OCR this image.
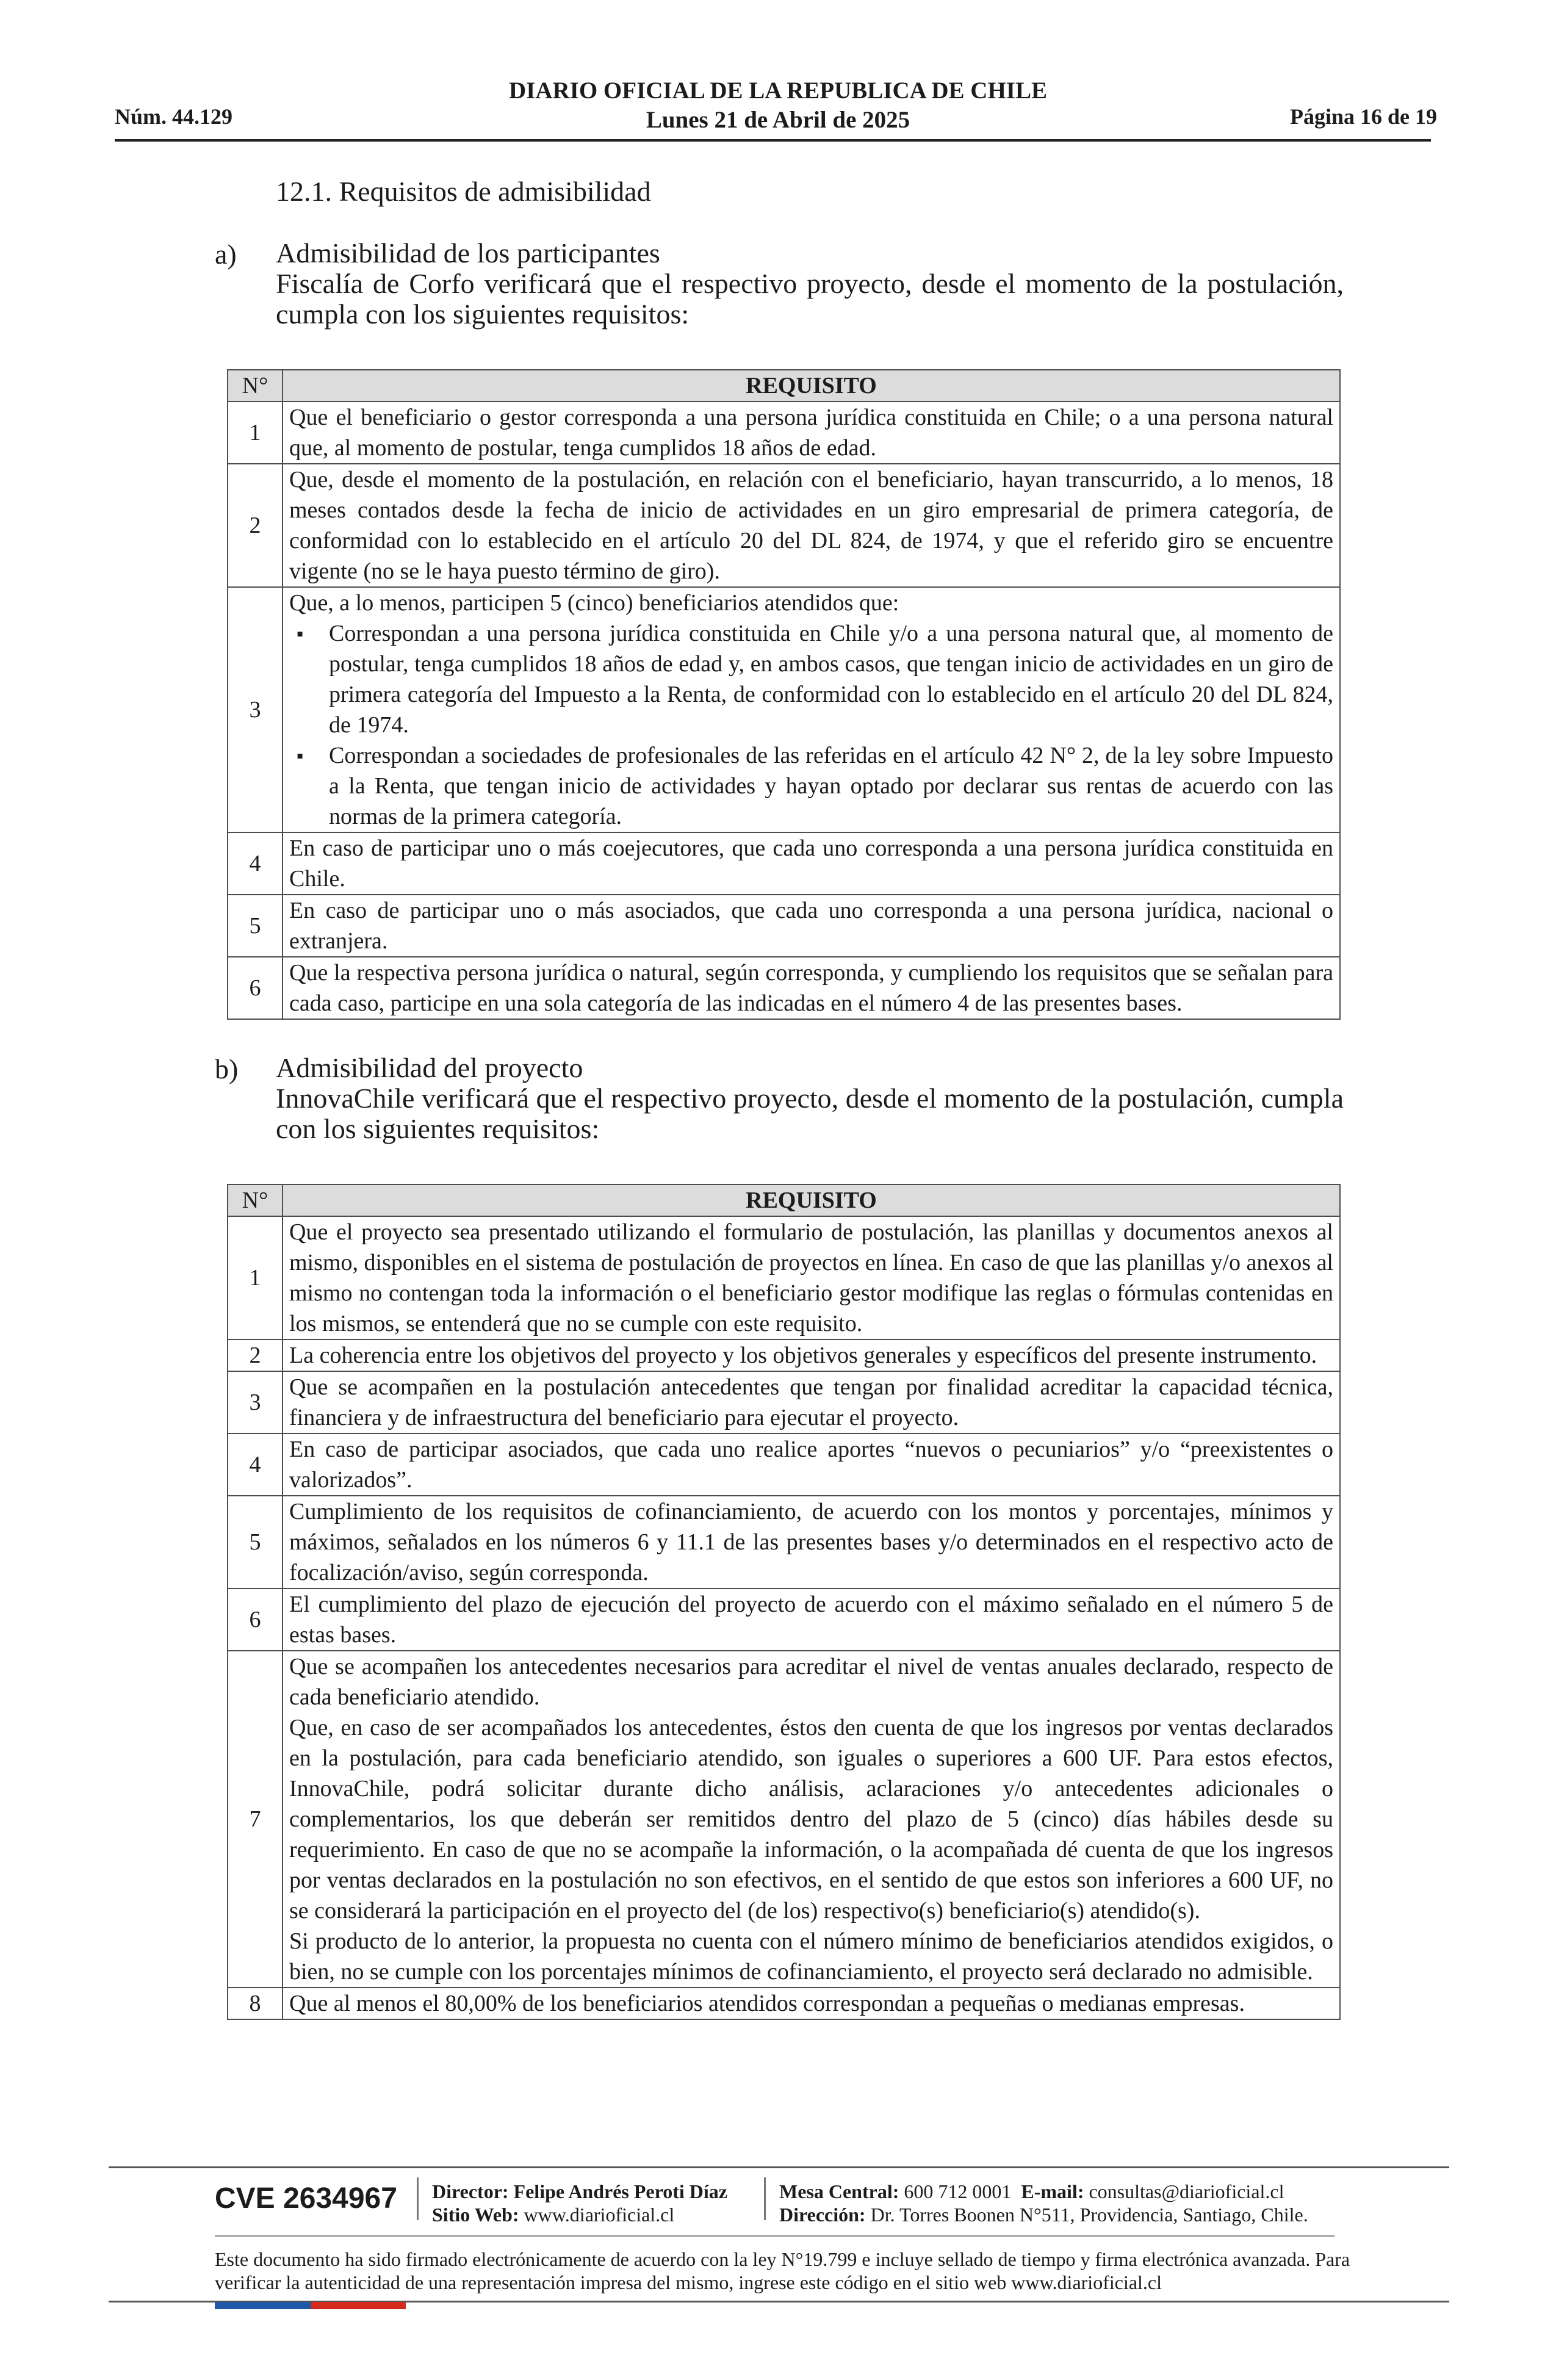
Núm. 44.129
DIARIO OFICIAL DE LA REPUBLICA DE CHILE
Lunes 21 de Abril de 2025	Página 16 de 19
12.1. Requisitos de admisibilidad
a) Admisibilidad de los participantes
Fiscalía de Corfo verificará que el respectivo proyecto, desde el momento de la postulación, cumpla con los siguientes requisitos:
N°	REQUISITO
1	Que el beneficiario o gestor corresponda a una persona jurídica constituida en Chile; o a una persona natural que, al momento de postular, tenga cumplidos 18 años de edad.
2	Que, desde el momento de la postulación, en relación con el beneficiario, hayan transcurrido, a lo menos, 18 meses contados desde la fecha de inicio de actividades en un giro empresarial de primera categoría, de conformidad con lo establecido en el artículo 20 del DL 824, de 1974, y que el referido giro se encuentre vigente (no se le haya puesto término de giro).
3	Que, a lo menos, participen 5 (cinco) beneficiarios atendidos que:
▪ Correspondan a una persona jurídica constituida en Chile y/o a una persona natural que, al momento de postular, tenga cumplidos 18 años de edad y, en ambos casos, que tengan inicio de actividades en un giro de primera categoría del Impuesto a la Renta, de conformidad con lo establecido en el artículo 20 del DL 824, de 1974.
▪ Correspondan a sociedades de profesionales de las referidas en el artículo 42 N° 2, de la ley sobre Impuesto a la Renta, que tengan inicio de actividades y hayan optado por declarar sus rentas de acuerdo con las normas de la primera categoría.

4	En caso de participar uno o más coejecutores, que cada uno corresponda a una persona jurídica constituida en Chile.
5	En caso de participar uno o más asociados, que cada uno corresponda a una persona jurídica, nacional o extranjera.
6	Que la respectiva persona jurídica o natural, según corresponda, y cumpliendo los requisitos que se señalan para cada caso, participe en una sola categoría de las indicadas en el número 4 de las presentes bases.
b) Admisibilidad del proyecto
InnovaChile verificará que el respectivo proyecto, desde el momento de la postulación, cumpla con los siguientes requisitos:
N°	REQUISITO
1	Que el proyecto sea presentado utilizando el formulario de postulación, las planillas y documentos anexos al mismo, disponibles en el sistema de postulación de proyectos en línea. En caso de que las planillas y/o anexos al mismo no contengan toda la información o el beneficiario gestor modifique las reglas o fórmulas contenidas en los mismos, se entenderá que no se cumple con este requisito.
2	La coherencia entre los objetivos del proyecto y los objetivos generales y específicos del presente instrumento.
3	Que se acompañen en la postulación antecedentes que tengan por finalidad acreditar la capacidad técnica, financiera y de infraestructura del beneficiario para ejecutar el proyecto.
4	En caso de participar asociados, que cada uno realice aportes “nuevos o pecuniarios” y/o “preexistentes o valorizados”.
5	Cumplimiento de los requisitos de cofinanciamiento, de acuerdo con los montos y porcentajes, mínimos y máximos, señalados en los números 6 y 11.1 de las presentes bases y/o determinados en el respectivo acto de focalización/aviso, según corresponda.
6	El cumplimiento del plazo de ejecución del proyecto de acuerdo con el máximo señalado en el número 5 de estas bases.
7	Que se acompañen los antecedentes necesarios para acreditar el nivel de ventas anuales declarado, respecto de cada beneficiario atendido.
Que, en caso de ser acompañados los antecedentes, éstos den cuenta de que los ingresos por ventas declarados en la postulación, para cada beneficiario atendido, son iguales o superiores a 600 UF. Para estos efectos, InnovaChile, podrá solicitar durante dicho análisis, aclaraciones y/o antecedentes adicionales o complementarios, los que deberán ser remitidos dentro del plazo de 5 (cinco) días hábiles desde su requerimiento. En caso de que no se acompañe la información, o la acompañada dé cuenta de que los ingresos por ventas declarados en la postulación no son efectivos, en el sentido de que estos son inferiores a 600 UF, no se considerará la participación en el proyecto del (de los) respectivo(s) beneficiario(s) atendido(s).
Si producto de lo anterior, la propuesta no cuenta con el número mínimo de beneficiarios atendidos exigidos, o bien, no se cumple con los porcentajes mínimos de cofinanciamiento, el proyecto será declarado no admisible.

8	Que al menos el 80,00% de los beneficiarios atendidos correspondan a pequeñas o medianas empresas.
CVE 2634967 Director: Felipe Andrés Peroti Díaz
Sitio Web: www.diarioficial.cl
Mesa Central: 600 712 0001 E-mail: consultas@diarioficial.cl
Dirección: Dr. Torres Boonen N°511, Providencia, Santiago, Chile.
Este documento ha sido firmado electrónicamente de acuerdo con la ley N°19.799 e incluye sellado de tiempo y firma electrónica avanzada. Para verificar la autenticidad de una representación impresa del mismo, ingrese este código en el sitio web www.diarioficial.cl
